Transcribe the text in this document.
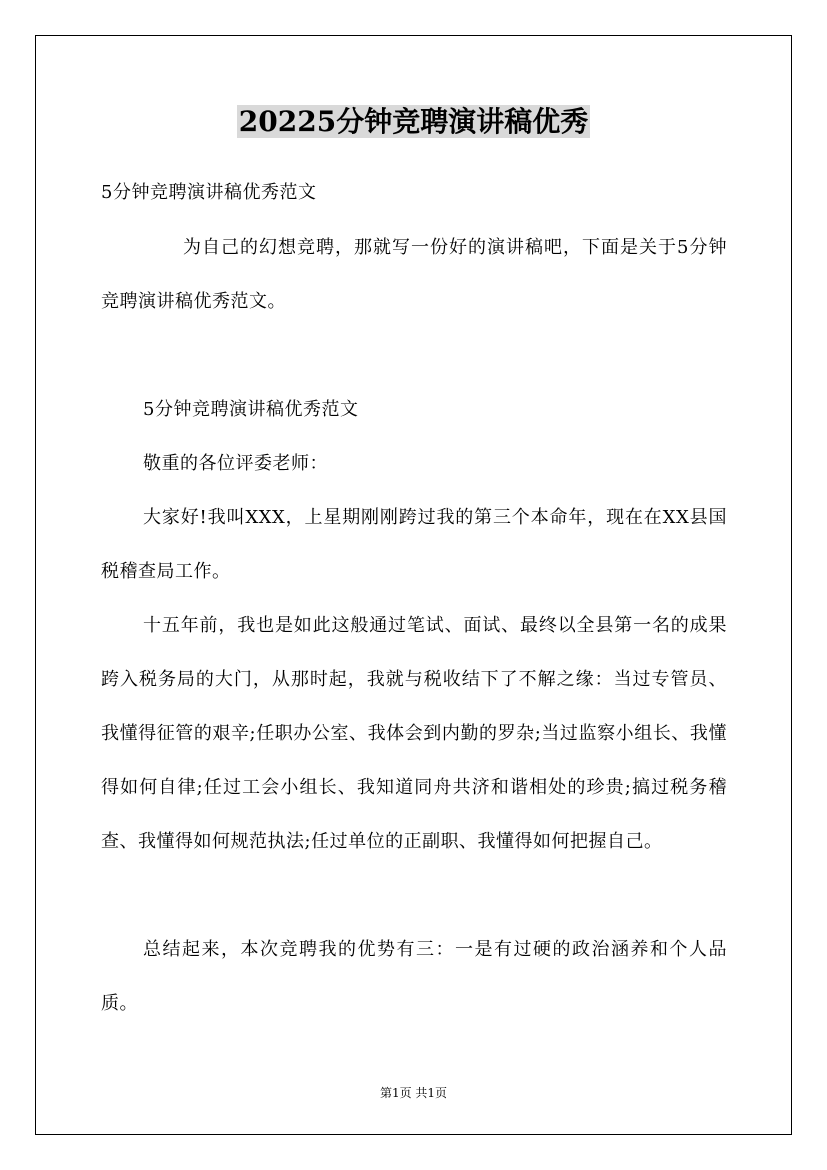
20225分钟竞聘演讲稿优秀

5分钟竞聘演讲稿优秀范文

为自己的幻想竞聘，那就写一份好的演讲稿吧，下面是关于5分钟竞聘演讲稿优秀范文。

5分钟竞聘演讲稿优秀范文

敬重的各位评委老师：

大家好!我叫XXX，上星期刚刚跨过我的第三个本命年，现在在XX县国税稽查局工作。

十五年前，我也是如此这般通过笔试、面试、最终以全县第一名的成果跨入税务局的大门，从那时起，我就与税收结下了不解之缘：当过专管员、我懂得征管的艰辛;任职办公室、我体会到内勤的罗杂;当过监察小组长、我懂得如何自律;任过工会小组长、我知道同舟共济和谐相处的珍贵;搞过税务稽查、我懂得如何规范执法;任过单位的正副职、我懂得如何把握自己。

总结起来，本次竞聘我的优势有三：一是有过硬的政治涵养和个人品质。

第1页 共1页
